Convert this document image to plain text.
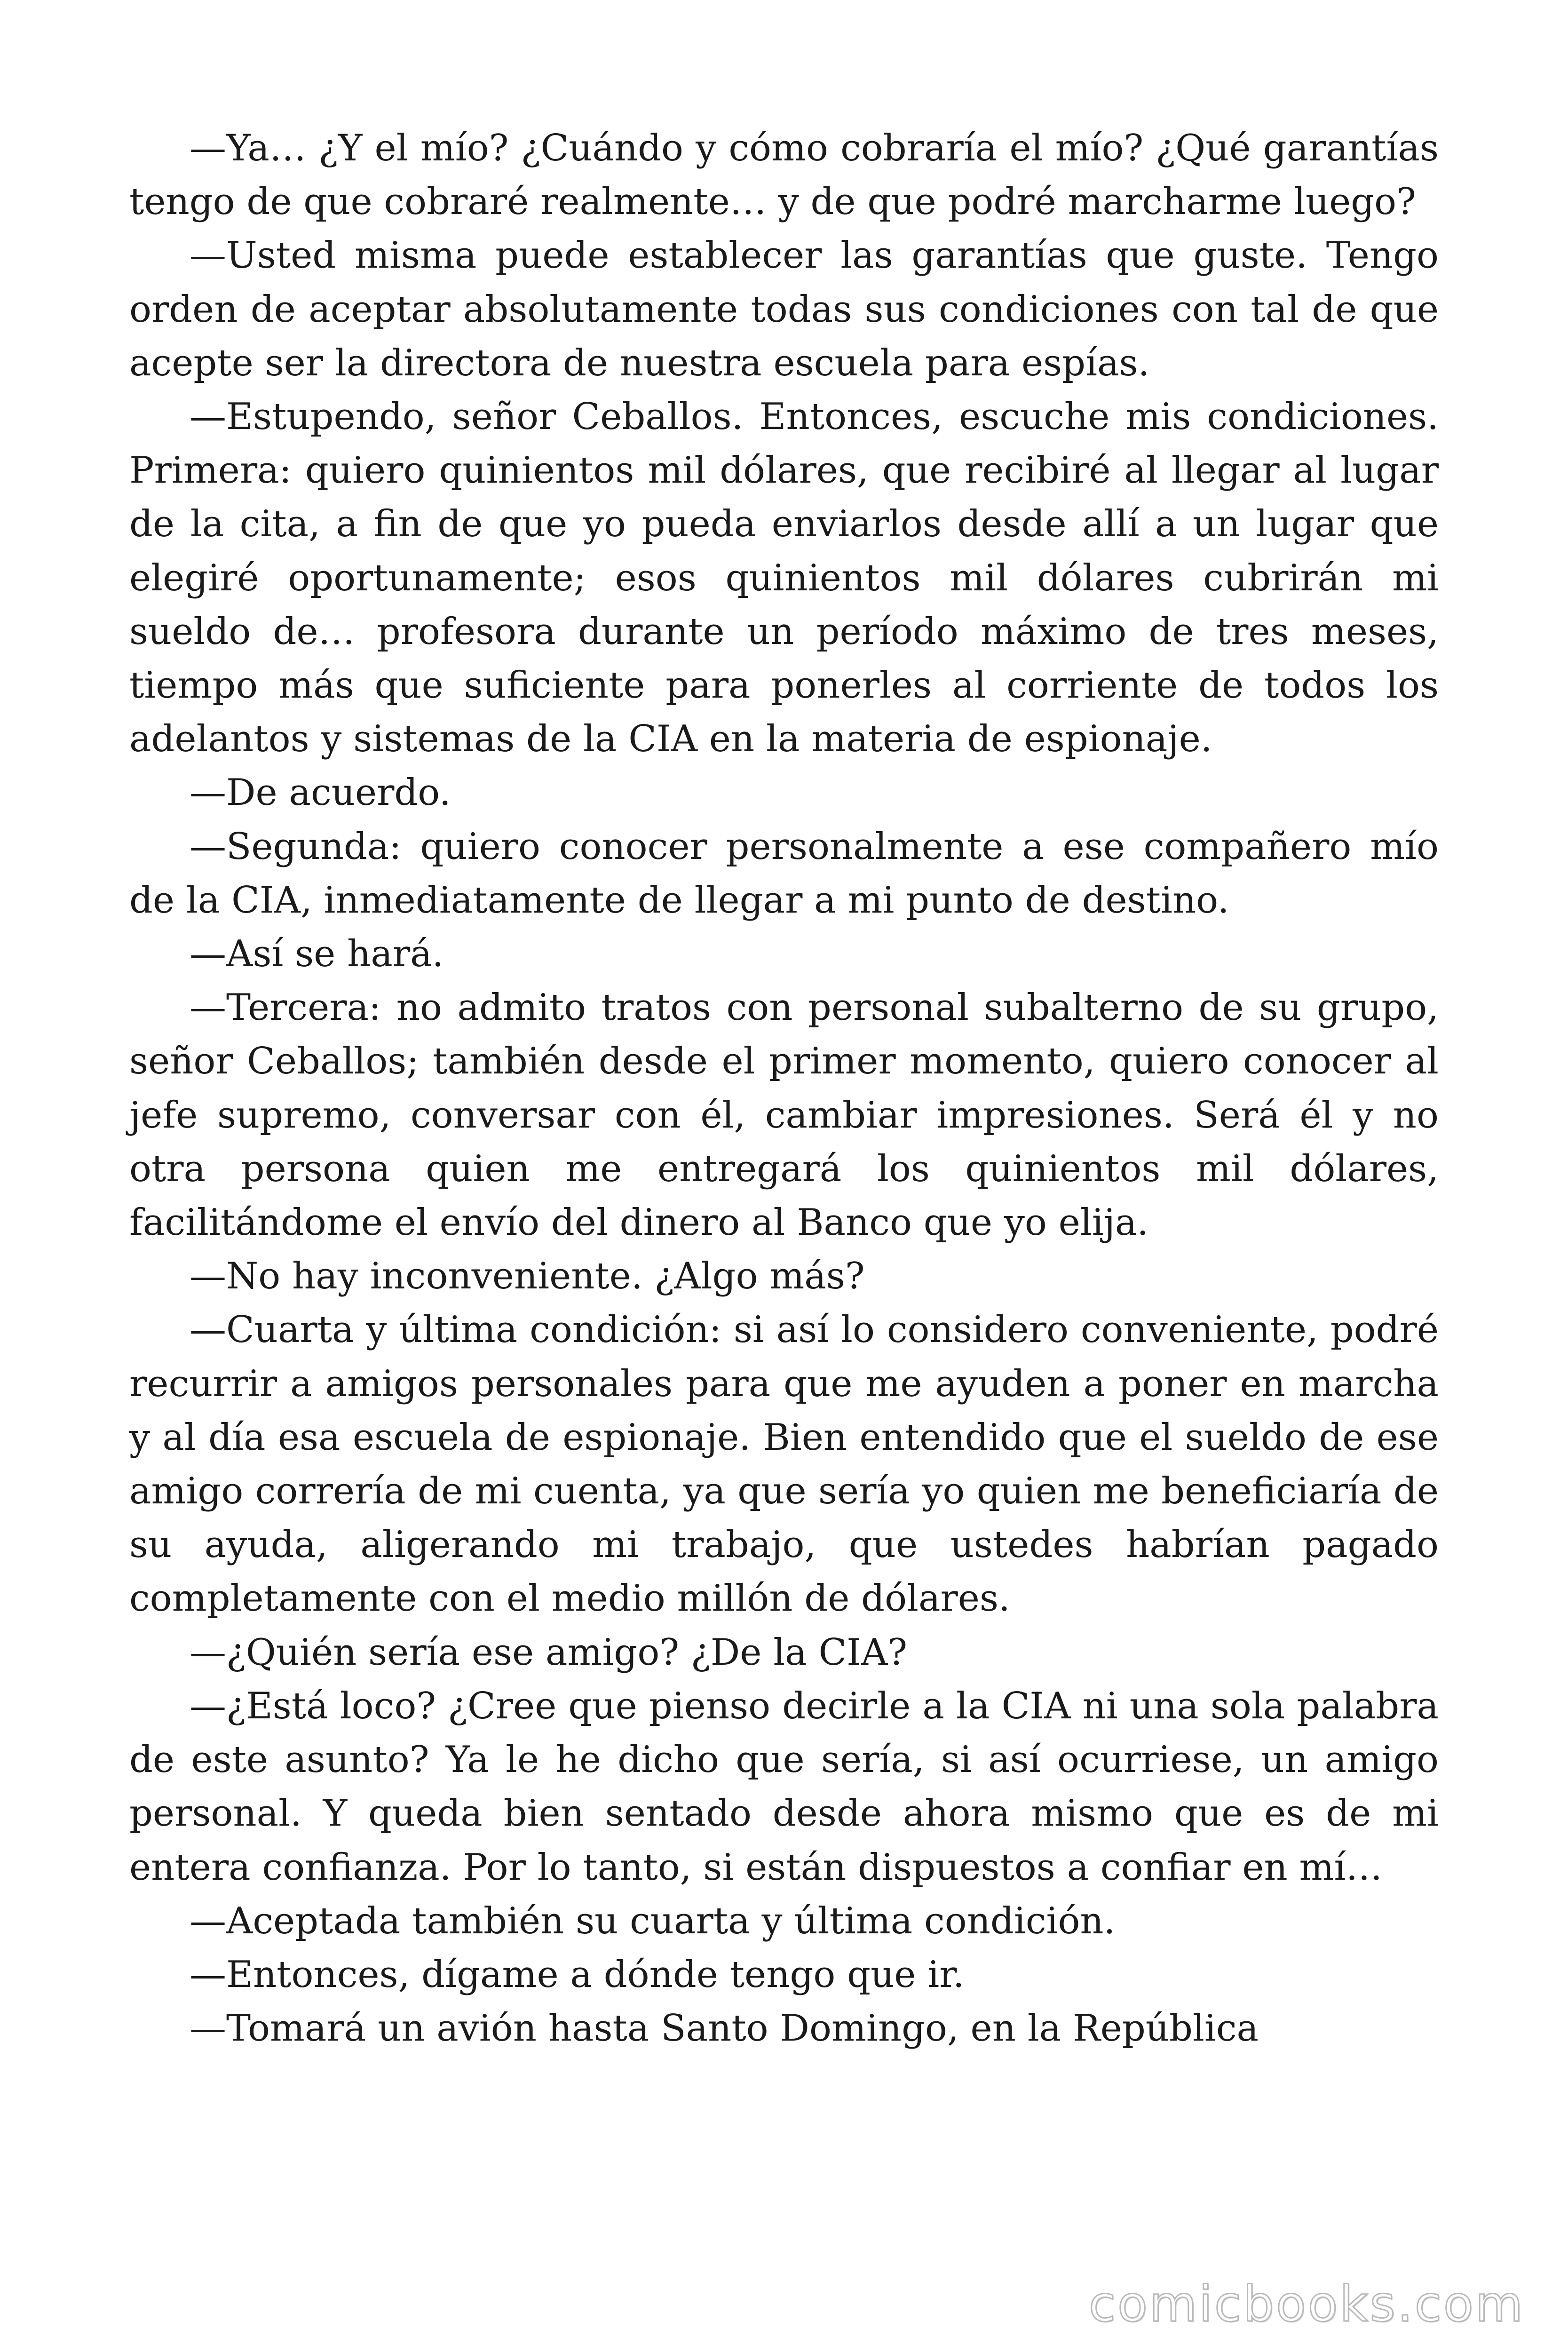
—Ya… ¿Y el mío? ¿Cuándo y cómo cobraría el mío? ¿Qué garantías tengo de que cobraré realmente… y de que podré marcharme luego?

—Usted misma puede establecer las garantías que guste. Tengo orden de aceptar absolutamente todas sus condiciones con tal de que acepte ser la directora de nuestra escuela para espías.

—Estupendo, señor Ceballos. Entonces, escuche mis condiciones. Primera: quiero quinientos mil dólares, que recibiré al llegar al lugar de la cita, a fin de que yo pueda enviarlos desde allí a un lugar que elegiré oportunamente; esos quinientos mil dólares cubrirán mi sueldo de… profesora durante un período máximo de tres meses, tiempo más que suficiente para ponerles al corriente de todos los adelantos y sistemas de la CIA en la materia de espionaje.

—De acuerdo.

—Segunda: quiero conocer personalmente a ese compañero mío de la CIA, inmediatamente de llegar a mi punto de destino.

—Así se hará.

—Tercera: no admito tratos con personal subalterno de su grupo, señor Ceballos; también desde el primer momento, quiero conocer al jefe supremo, conversar con él, cambiar impresiones. Será él y no otra persona quien me entregará los quinientos mil dólares, facilitándome el envío del dinero al Banco que yo elija.

—No hay inconveniente. ¿Algo más?

—Cuarta y última condición: si así lo considero conveniente, podré recurrir a amigos personales para que me ayuden a poner en marcha y al día esa escuela de espionaje. Bien entendido que el sueldo de ese amigo correría de mi cuenta, ya que sería yo quien me beneficiaría de su ayuda, aligerando mi trabajo, que ustedes habrían pagado completamente con el medio millón de dólares.

—¿Quién sería ese amigo? ¿De la CIA?

—¿Está loco? ¿Cree que pienso decirle a la CIA ni una sola palabra de este asunto? Ya le he dicho que sería, si así ocurriese, un amigo personal. Y queda bien sentado desde ahora mismo que es de mi entera confianza. Por lo tanto, si están dispuestos a confiar en mí…

—Aceptada también su cuarta y última condición.

—Entonces, dígame a dónde tengo que ir.

—Tomará un avión hasta Santo Domingo, en la República

comicbooks.com
